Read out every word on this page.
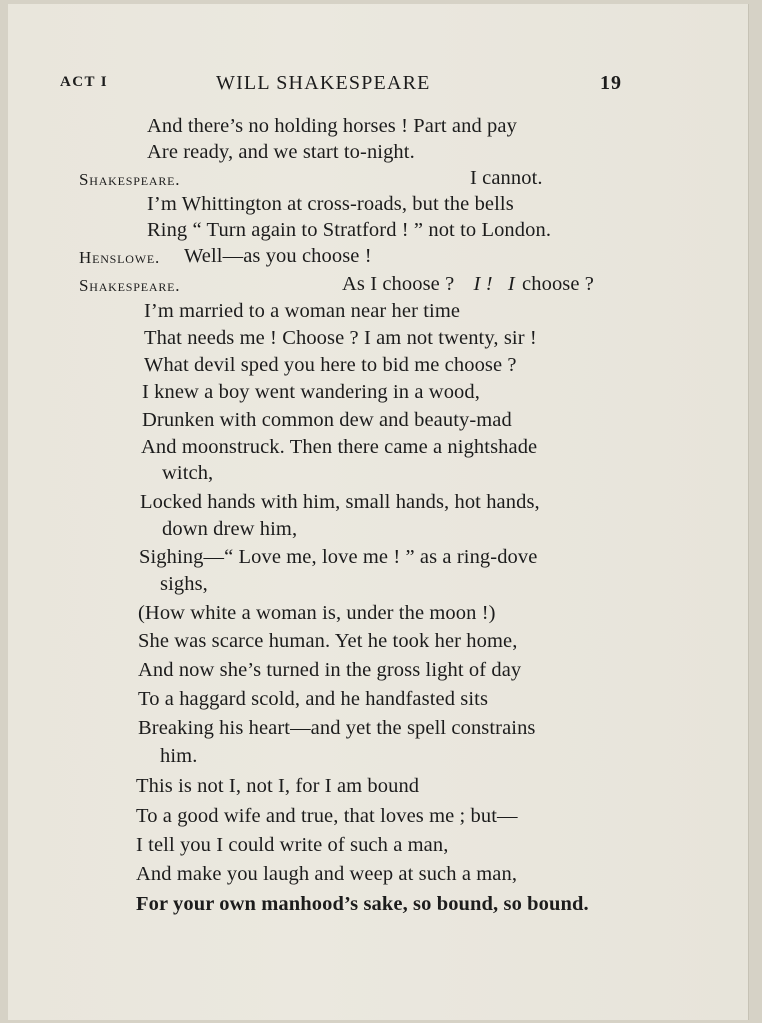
ACT I	WILL SHAKESPEARE	19
And there’s no holding horses ! Part and pay
Are ready, and we start to-night.
Shakespeare.	I cannot.
I’m Whittington at cross-roads, but the bells
Ring “ Turn again to Stratford ! ” not to London.
Henslowe. Well—as you choose !
Shakespeare.	As I choose ? I ! I choose ?
I’m married to a woman near her time
That needs me ! Choose ? I am not twenty, sir !
What devil sped you here to bid me choose ?
I knew a boy went wandering in a wood,
Drunken with common dew and beauty-mad
And moonstruck. Then there came a nightshade
witch,
Locked hands with him, small hands, hot hands,
down drew him,
Sighing—“ Love me, love me ! ” as a ring-dove
sighs,
(How white a woman is, under the moon !)
She was scarce human. Yet he took her home,
And now she’s turned in the gross light of day
To a haggard scold, and he handfasted sits
Breaking his heart—and yet the spell constrains
him.
This is not I, not I, for I am bound
To a good wife and true, that loves me ; but—
I tell you I could write of such a man,
And make you laugh and weep at such a man,
For your own manhood’s sake, so bound, so bound.
